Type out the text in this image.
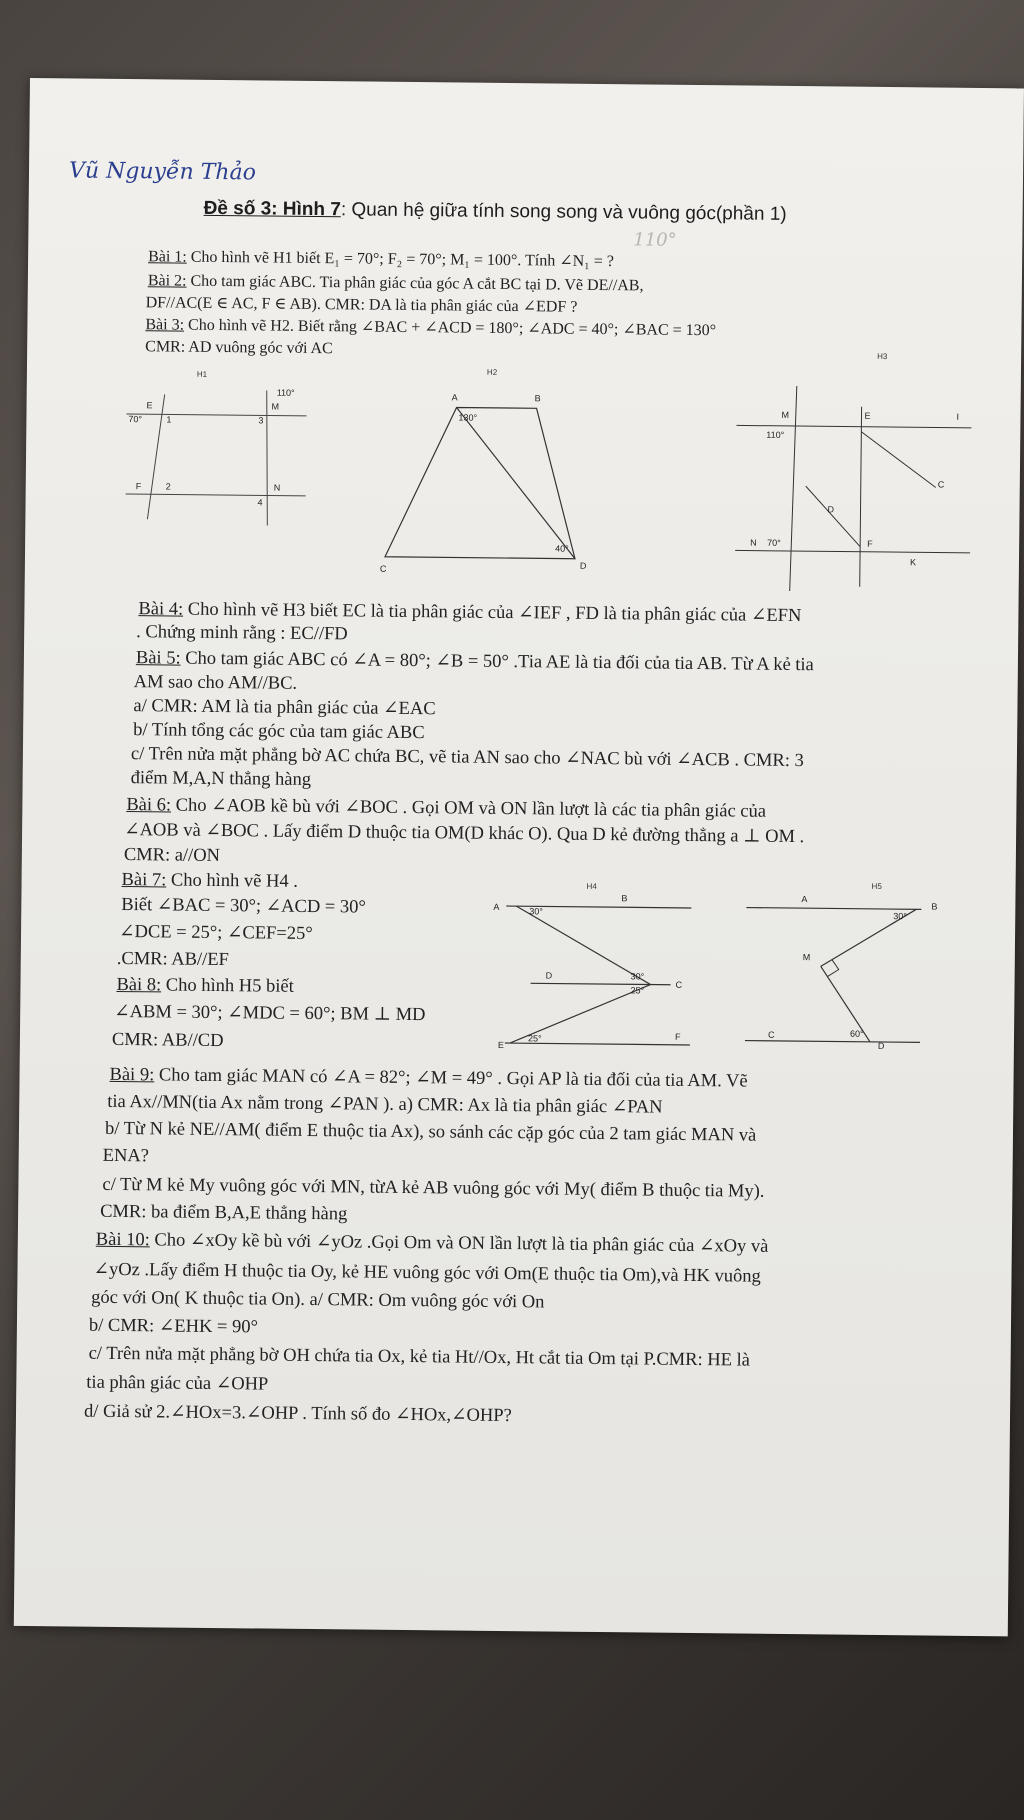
Vũ Nguyễn Thảo
110°
Đề số 3: Hình 7: Quan hệ giữa tính song song và vuông góc(phần 1)
Bài 1: Cho hình vẽ H1 biết E₁ = 70°; F₂ = 70°; M₁ = 100°. Tính ∠N₁ = ?
Bài 2: Cho tam giác ABC. Tia phân giác của góc A cắt BC tại D. Vẽ DE//AB,
DF//AC(E ∈ AC, F ∈ AB). CMR: DA là tia phân giác của ∠EDF ?
Bài 3: Cho hình vẽ H2. Biết rằng ∠BAC + ∠ACD = 180°; ∠ADC = 40°; ∠BAC = 130°
CMR: AD vuông góc với AC
H1
E	M
F	N
70°
110°
1
2
3
4
H2
A	B
C	D
130°
40°
H3
M	E	I
C
D
N	F
K
110°
70°
Bài 4: Cho hình vẽ H3 biết EC là tia phân giác của ∠IEF , FD là tia phân giác của ∠EFN
. Chứng minh rằng : EC//FD
Bài 5: Cho tam giác ABC có ∠A = 80°; ∠B = 50° .Tia AE là tia đối của tia AB. Từ A kẻ tia
AM sao cho AM//BC.
a/ CMR: AM là tia phân giác của ∠EAC
b/ Tính tổng các góc của tam giác ABC
c/ Trên nửa mặt phẳng bờ AC chứa BC, vẽ tia AN sao cho ∠NAC bù với ∠ACB . CMR: 3
điểm M,A,N thẳng hàng
Bài 6: Cho ∠AOB kề bù với ∠BOC . Gọi OM và ON lần lượt là các tia phân giác của
∠AOB và ∠BOC . Lấy điểm D thuộc tia OM(D khác O). Qua D kẻ đường thẳng a ⊥ OM .
CMR: a//ON
Bài 7: Cho hình vẽ H4 .
Biết ∠BAC = 30°; ∠ACD = 30°
∠DCE = 25°; ∠CEF=25°
.CMR: AB//EF
Bài 8: Cho hình H5 biết
∠ABM = 30°; ∠MDC = 60°; BM ⊥ MD
CMR: AB//CD
H4
A
B
D
C
E
F
30°
30°
25°
25°
H5
A
B
M
C
D
30°
60°
Bài 9: Cho tam giác MAN có ∠A = 82°; ∠M = 49° . Gọi AP là tia đối của tia AM. Vẽ
tia Ax//MN(tia Ax nằm trong ∠PAN ). a) CMR: Ax là tia phân giác ∠PAN
b/ Từ N kẻ NE//AM( điểm E thuộc tia Ax), so sánh các cặp góc của 2 tam giác MAN và
ENA?
c/ Từ M kẻ My vuông góc với MN, từA kẻ AB vuông góc với My( điểm B thuộc tia My).
CMR: ba điểm B,A,E thẳng hàng
Bài 10: Cho ∠xOy kề bù với ∠yOz .Gọi Om và ON lần lượt là tia phân giác của ∠xOy và
∠yOz .Lấy điểm H thuộc tia Oy, kẻ HE vuông góc với Om(E thuộc tia Om),và HK vuông
góc với On( K thuộc tia On). a/ CMR: Om vuông góc với On
b/ CMR: ∠EHK = 90°
c/ Trên nửa mặt phẳng bờ OH chứa tia Ox, kẻ tia Ht//Ox, Ht cắt tia Om tại P.CMR: HE là
tia phân giác của ∠OHP
d/ Giả sử 2.∠HOx=3.∠OHP . Tính số đo ∠HOx,∠OHP?
